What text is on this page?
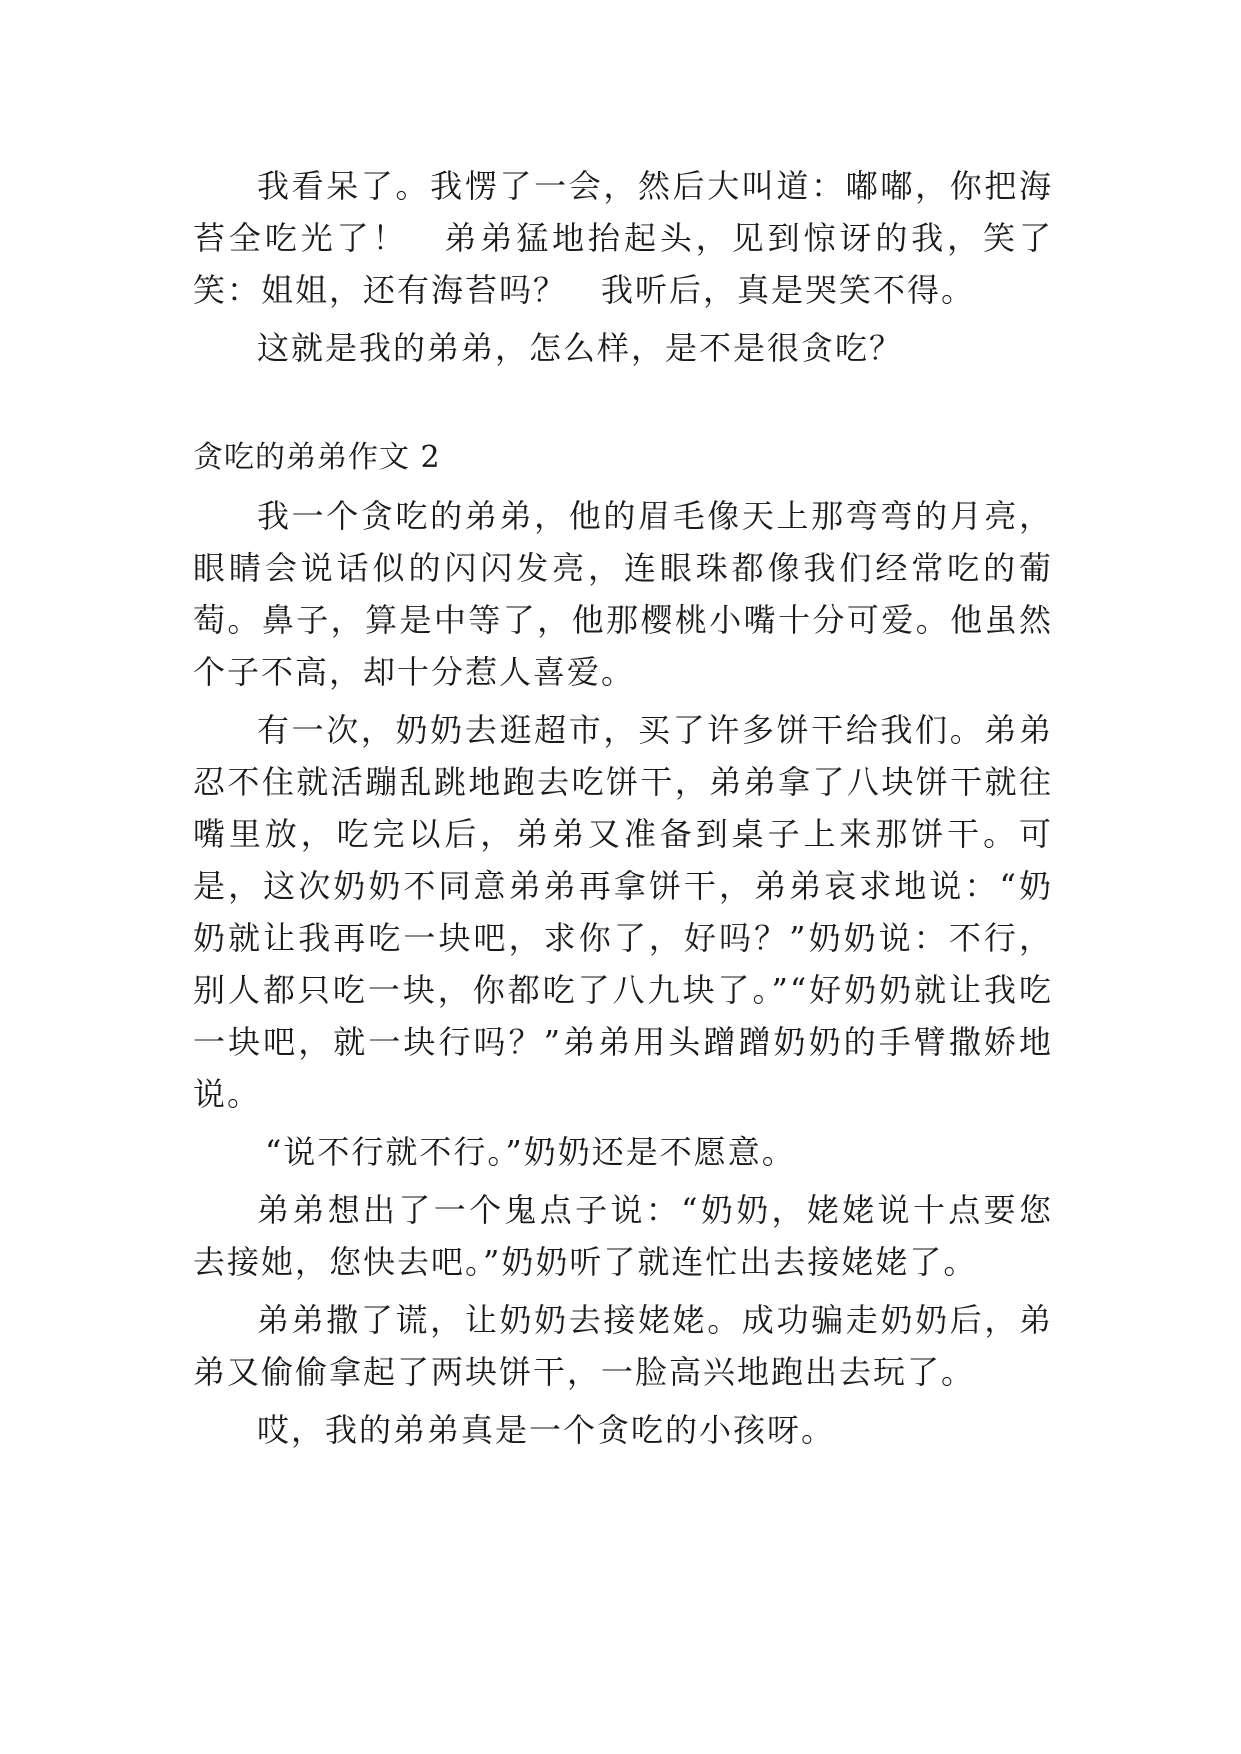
我看呆了。我愣了一会，然后大叫道：嘟嘟，你把海苔全吃光了！　弟弟猛地抬起头，见到惊讶的我，笑了笑：姐姐，还有海苔吗？　我听后，真是哭笑不得。

这就是我的弟弟，怎么样，是不是很贪吃？

贪吃的弟弟作文 2

我一个贪吃的弟弟，他的眉毛像天上那弯弯的月亮，眼睛会说话似的闪闪发亮，连眼珠都像我们经常吃的葡萄。鼻子，算是中等了，他那樱桃小嘴十分可爱。他虽然个子不高，却十分惹人喜爱。

有一次，奶奶去逛超市，买了许多饼干给我们。弟弟忍不住就活蹦乱跳地跑去吃饼干，弟弟拿了八块饼干就往嘴里放，吃完以后，弟弟又准备到桌子上来那饼干。可是，这次奶奶不同意弟弟再拿饼干，弟弟哀求地说：“奶奶就让我再吃一块吧，求你了，好吗？”奶奶说：不行，别人都只吃一块，你都吃了八九块了。”“好奶奶就让我吃一块吧，就一块行吗？”弟弟用头蹭蹭奶奶的手臂撒娇地说。

“说不行就不行。”奶奶还是不愿意。

弟弟想出了一个鬼点子说：“奶奶，姥姥说十点要您去接她，您快去吧。”奶奶听了就连忙出去接姥姥了。

弟弟撒了谎，让奶奶去接姥姥。成功骗走奶奶后，弟弟又偷偷拿起了两块饼干，一脸高兴地跑出去玩了。

哎，我的弟弟真是一个贪吃的小孩呀。
